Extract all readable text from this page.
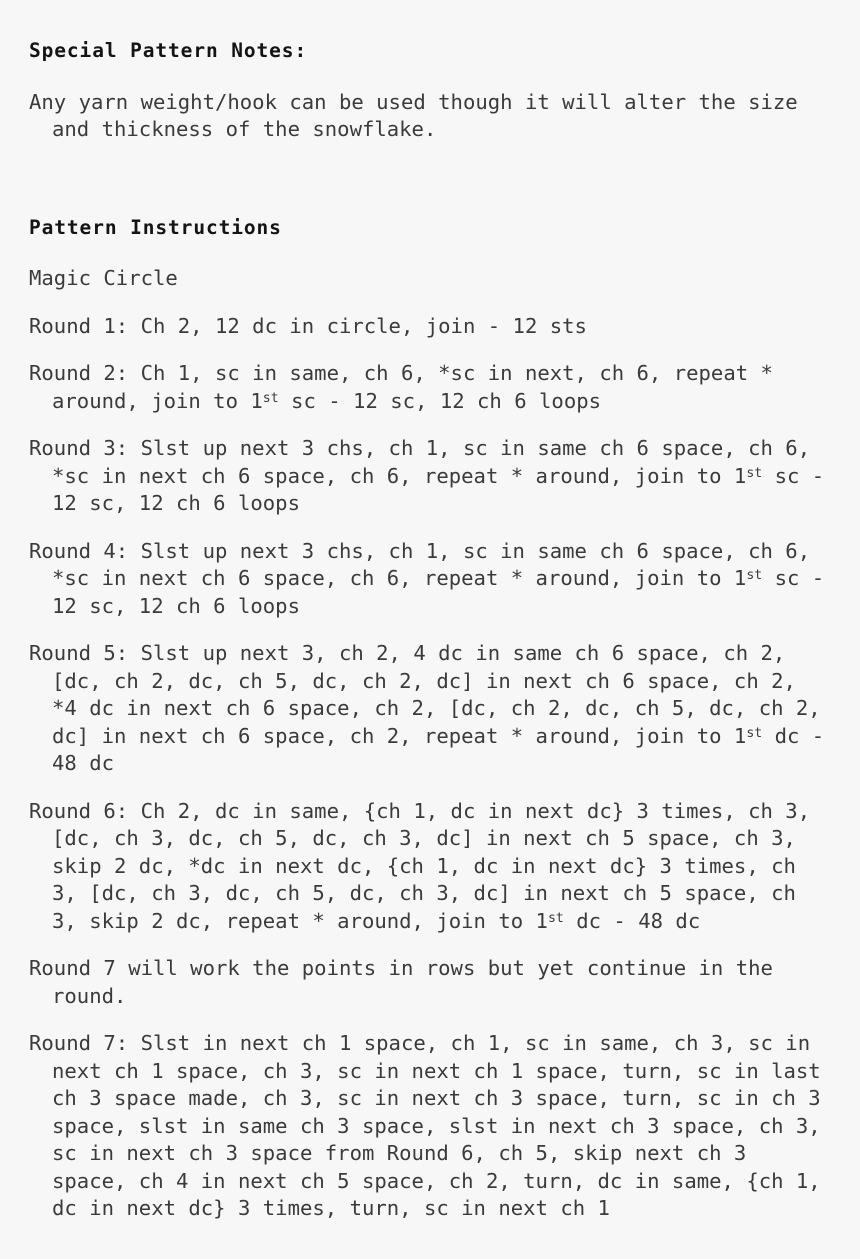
Special Pattern Notes:

Any yarn weight/hook can be used though it will alter the size and thickness of the snowflake.

Pattern Instructions

Magic Circle

Round 1: Ch 2, 12 dc in circle, join - 12 sts

Round 2: Ch 1, sc in same, ch 6, *sc in next, ch 6, repeat * around, join to 1st sc - 12 sc, 12 ch 6 loops

Round 3: Slst up next 3 chs, ch 1, sc in same ch 6 space, ch 6, *sc in next ch 6 space, ch 6, repeat * around, join to 1st sc - 12 sc, 12 ch 6 loops

Round 4: Slst up next 3 chs, ch 1, sc in same ch 6 space, ch 6, *sc in next ch 6 space, ch 6, repeat * around, join to 1st sc - 12 sc, 12 ch 6 loops

Round 5: Slst up next 3, ch 2, 4 dc in same ch 6 space, ch 2, [dc, ch 2, dc, ch 5, dc, ch 2, dc] in next ch 6 space, ch 2, *4 dc in next ch 6 space, ch 2, [dc, ch 2, dc, ch 5, dc, ch 2, dc] in next ch 6 space, ch 2, repeat * around, join to 1st dc - 48 dc

Round 6: Ch 2, dc in same, {ch 1, dc in next dc} 3 times, ch 3, [dc, ch 3, dc, ch 5, dc, ch 3, dc] in next ch 5 space, ch 3, skip 2 dc, *dc in next dc, {ch 1, dc in next dc} 3 times, ch 3, [dc, ch 3, dc, ch 5, dc, ch 3, dc] in next ch 5 space, ch 3, skip 2 dc, repeat * around, join to 1st dc - 48 dc

Round 7 will work the points in rows but yet continue in the round.

Round 7: Slst in next ch 1 space, ch 1, sc in same, ch 3, sc in next ch 1 space, ch 3, sc in next ch 1 space, turn, sc in last ch 3 space made, ch 3, sc in next ch 3 space, turn, sc in ch 3 space, slst in same ch 3 space, slst in next ch 3 space, ch 3, sc in next ch 3 space from Round 6, ch 5, skip next ch 3 space, ch 4 in next ch 5 space, ch 2, turn, dc in same, {ch 1, dc in next dc} 3 times, turn, sc in next ch 1
